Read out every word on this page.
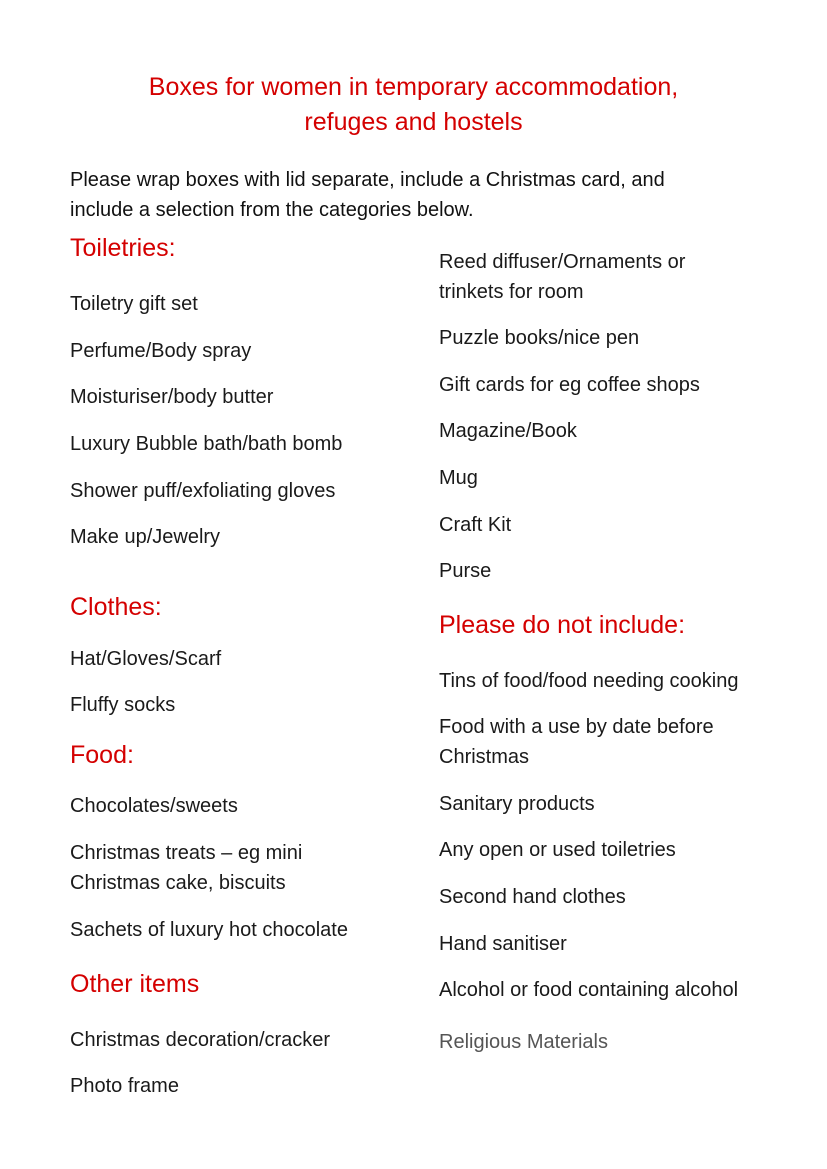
Boxes for women in temporary accommodation,
refuges and hostels
Please wrap boxes with lid separate, include a Christmas card, and
include a selection from the categories below.
Toiletries:
Toiletry gift set
Perfume/Body spray
Moisturiser/body butter
Luxury Bubble bath/bath bomb
Shower puff/exfoliating gloves
Make up/Jewelry
Clothes:
Hat/Gloves/Scarf
Fluffy socks
Food:
Chocolates/sweets
Christmas treats – eg mini
Christmas cake, biscuits
Sachets of luxury hot chocolate
Other items
Christmas decoration/cracker
Photo frame
Reed diffuser/Ornaments or
trinkets for room
Puzzle books/nice pen
Gift cards for eg coffee shops
Magazine/Book
Mug
Craft Kit
Purse
Please do not include:
Tins of food/food needing cooking
Food with a use by date before
Christmas
Sanitary products
Any open or used toiletries
Second hand clothes
Hand sanitiser
Alcohol or food containing alcohol
Religious Materials
